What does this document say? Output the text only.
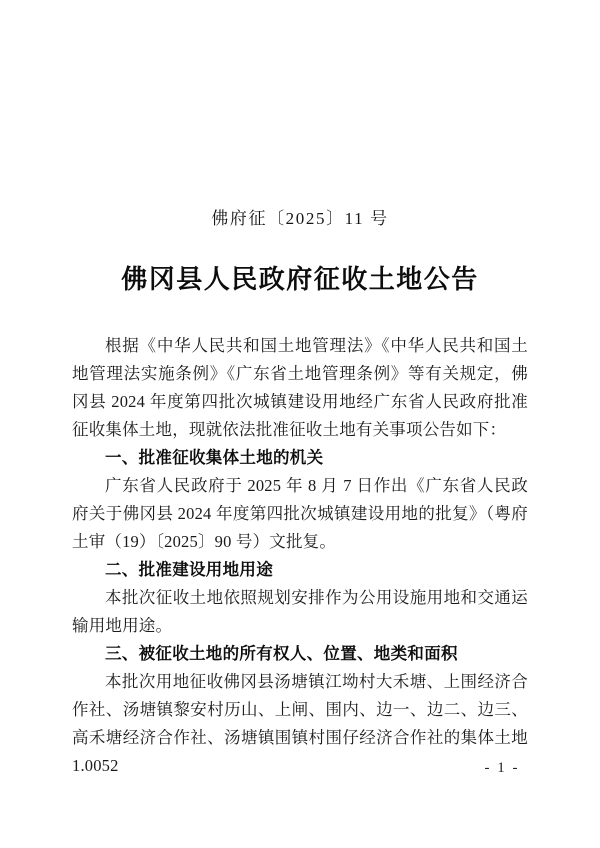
佛府征〔2025〕11 号
佛冈县人民政府征收土地公告

根据《中华人民共和国土地管理法》《中华人民共和国土地管理法实施条例》《广东省土地管理条例》等有关规定，佛冈县 2024 年度第四批次城镇建设用地经广东省人民政府批准征收集体土地，现就依法批准征收土地有关事项公告如下：

一、批准征收集体土地的机关

广东省人民政府于 2025 年 8 月 7 日作出《广东省人民政府关于佛冈县 2024 年度第四批次城镇建设用地的批复》（粤府土审（19）〔2025〕90 号）文批复。

二、批准建设用地用途

本批次征收土地依照规划安排作为公用设施用地和交通运输用地用途。

三、被征收土地的所有权人、位置、地类和面积

本批次用地征收佛冈县汤塘镇江坳村大禾塘、上围经济合作社、汤塘镇黎安村历山、上闸、围内、边一、边二、边三、高禾塘经济合作社、汤塘镇围镇村围仔经济合作社的集体土地1.0052	- 1 -
